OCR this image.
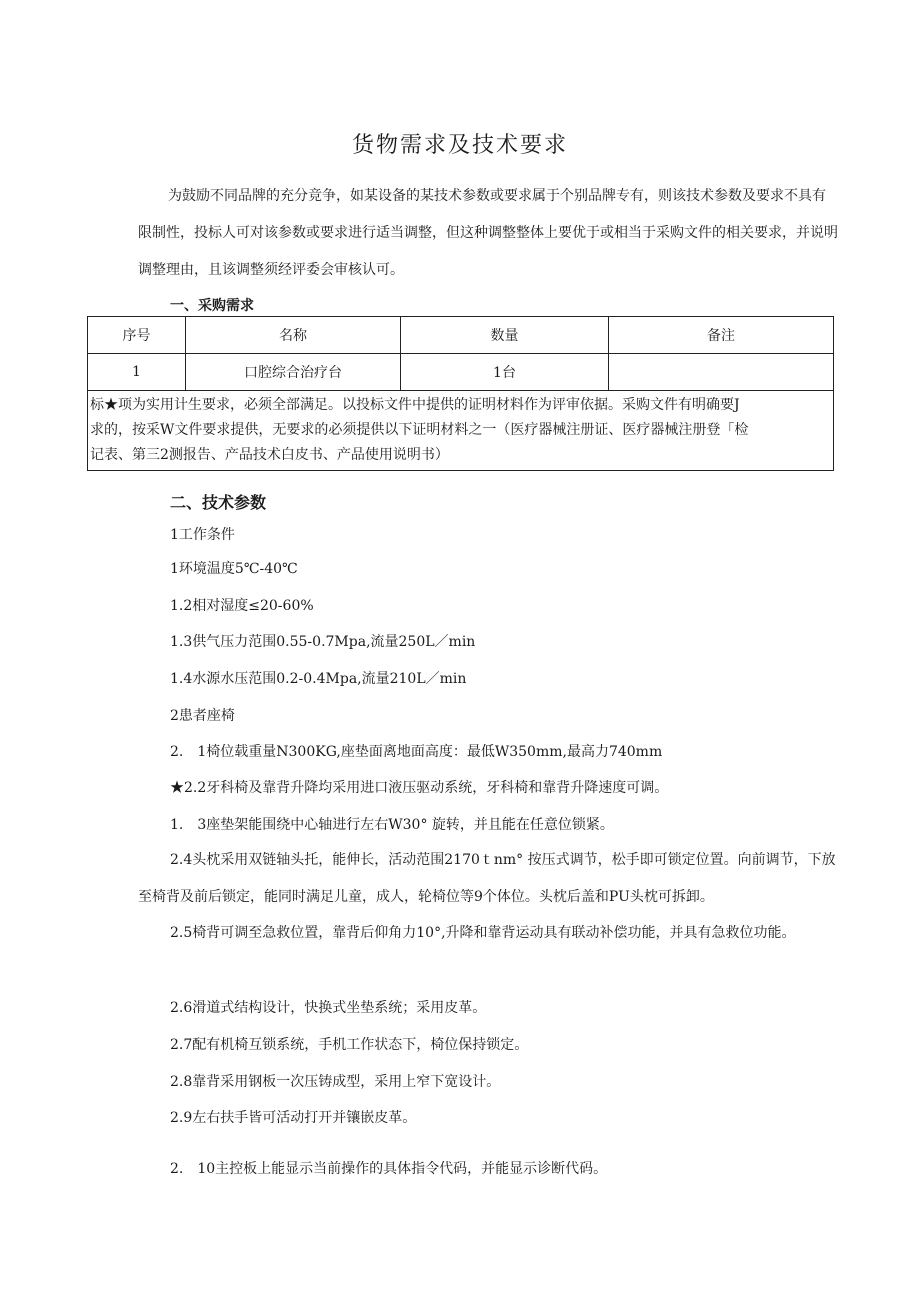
货物需求及技术要求
为鼓励不同品牌的充分竞争，如某设备的某技术参数或要求属于个别品牌专有，则该技术参数及要求不具有限制性，投标人可对该参数或要求进行适当调整，但这种调整整体上要优于或相当于采购文件的相关要求，并说明调整理由，且该调整须经评委会审核认可。
一、采购需求
序号	名称	数量	备注
1	口腔综合治疗台	1台	

标★项为实用计生要求，必须全部满足。以投标文件中提供的证明材料作为评审依据。采购文件有明确要J
求的，按采W文件要求提供，无要求的必须提供以下证明材料之一（医疗器械注册证、医疗器械注册登「检
记表、第三2测报告、产品技术白皮书、产品使用说明书）			
二、技术参数
1工作条件
1环境温度5℃-40℃
1.2相对湿度≤20-60%
1.3供气压力范围0.55-0.7Mpa,流量250L／min
1.4水源水压范围0.2-0.4Mpa,流量210L／min
2患者座椅
2.　1椅位载重量N300KG,座垫面离地面高度：最低W350mm,最高力740mm
★2.2牙科椅及靠背升降均采用进口液压驱动系统，牙科椅和靠背升降速度可调。
1.　3座垫架能围绕中心轴进行左右W30° 旋转，并且能在任意位锁紧。
2.4头枕采用双链轴头托，能伸长，活动范围2170ｔnm° 按压式调节，松手即可锁定位置。向前调节，下放至椅背及前后锁定，能同时满足儿童，成人，轮椅位等9个体位。头枕后盖和PU头枕可拆卸。
2.5椅背可调至急救位置，靠背后仰角力10°,升降和靠背运动具有联动补偿功能，并具有急救位功能。
2.6滑道式结构设计，快换式坐垫系统；采用皮革。
2.7配有机椅互锁系统，手机工作状态下，椅位保持锁定。
2.8靠背采用钢板一次压铸成型，采用上窄下宽设计。
2.9左右扶手皆可活动打开并镶嵌皮革。
2.　10主控板上能显示当前操作的具体指令代码，并能显示诊断代码。
